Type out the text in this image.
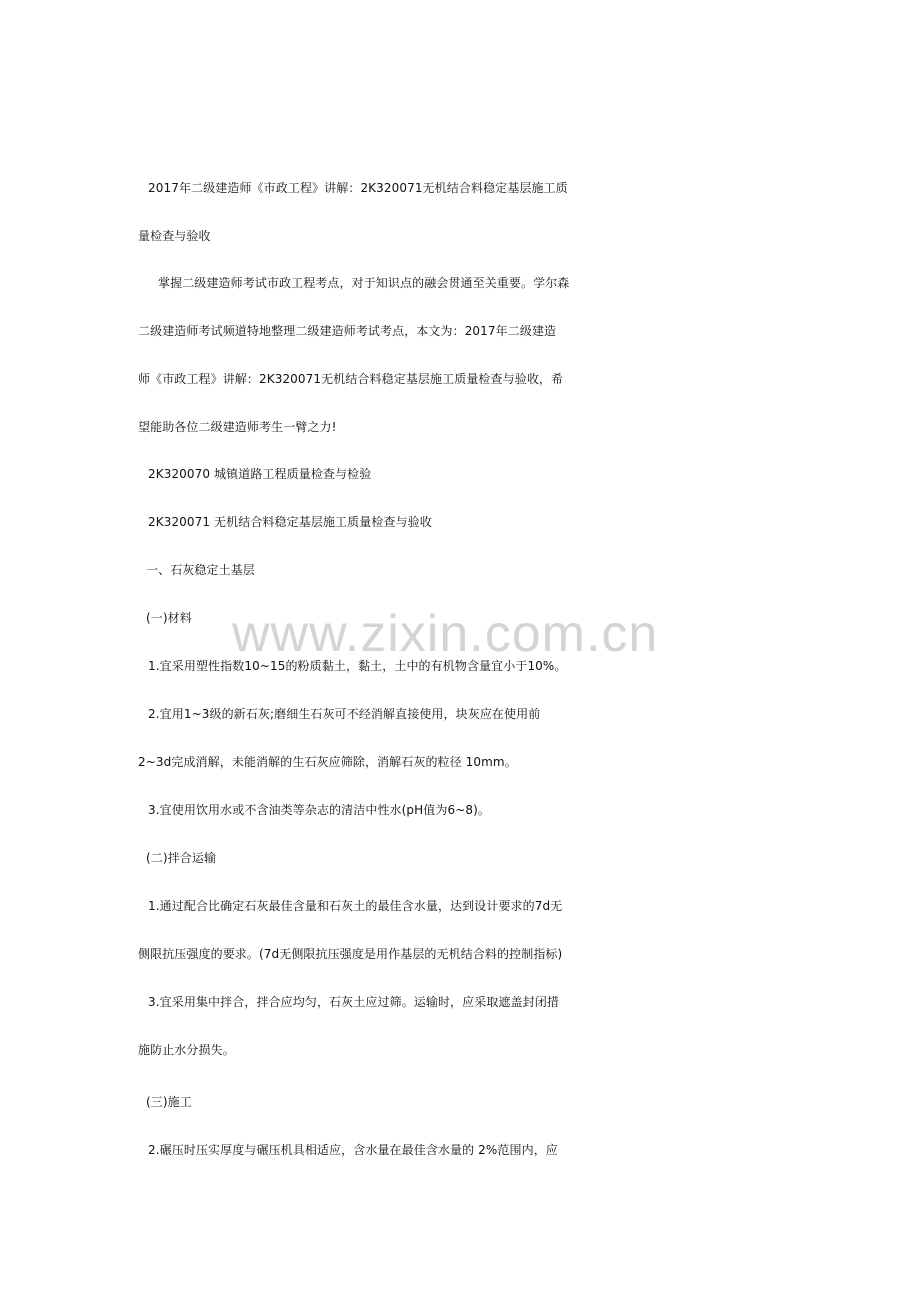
2017年二级建造师《市政工程》讲解：2K320071无机结合料稳定基层施工质
量检查与验收
掌握二级建造师考试市政工程考点，对于知识点的融会贯通至关重要。学尔森
二级建造师考试频道特地整理二级建造师考试考点，本文为：2017年二级建造
师《市政工程》讲解：2K320071无机结合料稳定基层施工质量检查与验收，希
望能助各位二级建造师考生一臂之力!
2K320070 城镇道路工程质量检查与检验
2K320071 无机结合料稳定基层施工质量检查与验收
一、石灰稳定土基层
(一)材料
1.宜采用塑性指数10~15的粉质黏土，黏土，土中的有机物含量宜小于10%。
2.宜用1~3级的新石灰;磨细生石灰可不经消解直接使用，块灰应在使用前
2~3d完成消解，未能消解的生石灰应筛除，消解石灰的粒径 10mm。
3.宜使用饮用水或不含油类等杂志的清洁中性水(pH值为6~8)。
(二)拌合运输
1.通过配合比确定石灰最佳含量和石灰土的最佳含水量，达到设计要求的7d无
侧限抗压强度的要求。(7d无侧限抗压强度是用作基层的无机结合料的控制指标)
3.宜采用集中拌合，拌合应均匀，石灰土应过筛。运输时，应采取遮盖封闭措
施防止水分损失。
(三)施工
2.碾压时压实厚度与碾压机具相适应，含水量在最佳含水量的 2%范围内，应
www.zixin.com.cn
